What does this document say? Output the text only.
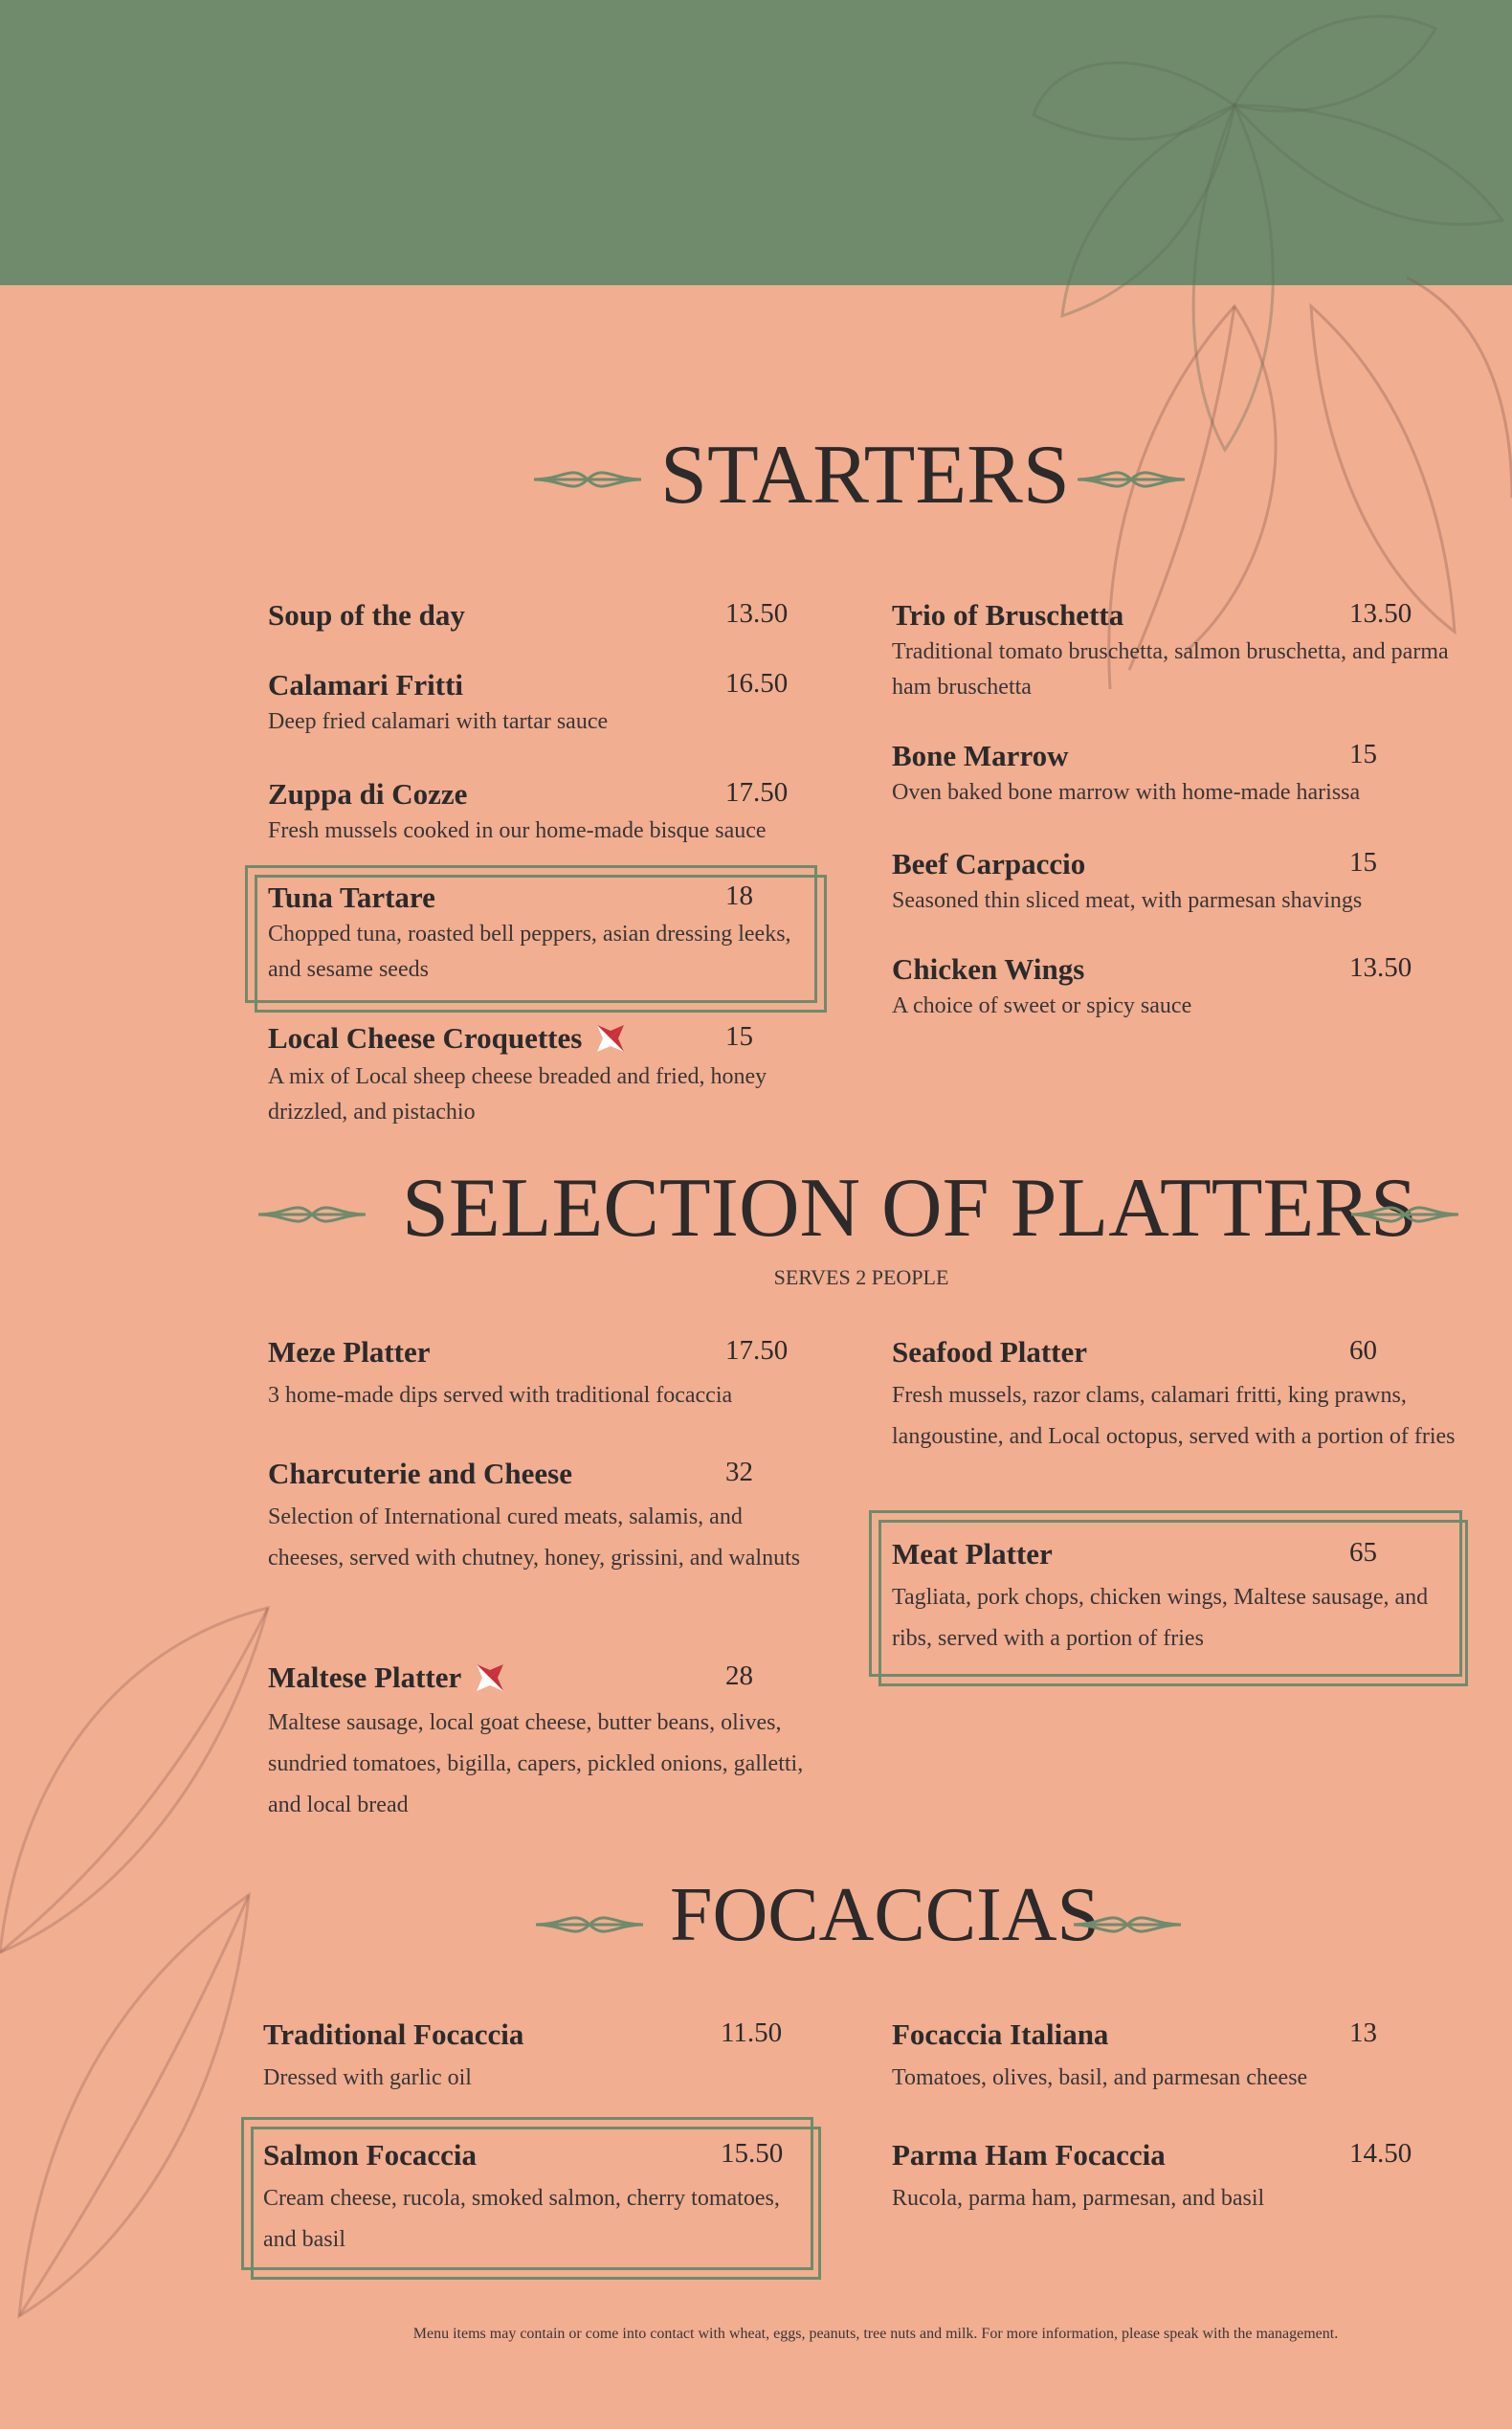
STARTERS
Soup of the day	13.50
Calamari Fritti	16.50
Deep fried calamari with tartar sauce
Zuppa di Cozze	17.50
Fresh mussels cooked in our home-made bisque sauce
Tuna Tartare	18
Chopped tuna, roasted bell peppers, asian dressing leeks, and sesame seeds
Local Cheese Croquettes	15
A mix of Local sheep cheese breaded and fried, honey drizzled, and pistachio
Trio of Bruschetta	13.50
Traditional tomato bruschetta, salmon bruschetta, and parma ham bruschetta
Bone Marrow	15
Oven baked bone marrow with home-made harissa
Beef Carpaccio	15
Seasoned thin sliced meat, with parmesan shavings
Chicken Wings	13.50
A choice of sweet or spicy sauce
SELECTION OF PLATTERS
SERVES 2 PEOPLE
Meze Platter	17.50
3 home-made dips served with traditional focaccia
Charcuterie and Cheese	32
Selection of International cured meats, salamis, and cheeses, served with chutney, honey, grissini, and walnuts
Maltese Platter	28
Maltese sausage, local goat cheese, butter beans, olives, sundried tomatoes, bigilla, capers, pickled onions, galletti, and local bread
Seafood Platter	60
Fresh mussels, razor clams, calamari fritti, king prawns, langoustine, and Local octopus, served with a portion of fries
Meat Platter	65
Tagliata, pork chops, chicken wings, Maltese sausage, and ribs, served with a portion of fries
FOCACCIAS
Traditional Focaccia	11.50
Dressed with garlic oil
Salmon Focaccia	15.50
Cream cheese, rucola, smoked salmon, cherry tomatoes, and basil
Focaccia Italiana	13
Tomatoes, olives, basil, and parmesan cheese
Parma Ham Focaccia	14.50
Rucola, parma ham, parmesan, and basil
Menu items may contain or come into contact with wheat, eggs, peanuts, tree nuts and milk. For more information, please speak with the management.
